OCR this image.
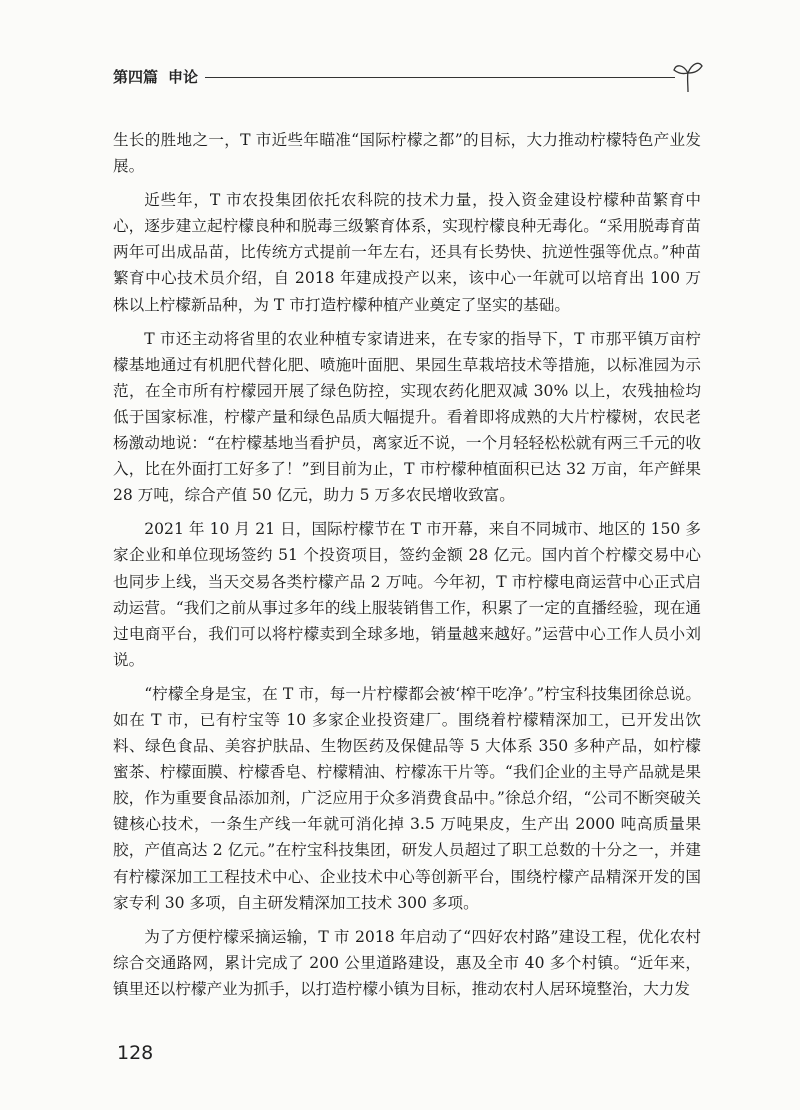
第四篇 申论

生长的胜地之一，T 市近些年瞄准“国际柠檬之都”的目标，大力推动柠檬特色产业发展。

近些年，T 市农投集团依托农科院的技术力量，投入资金建设柠檬种苗繁育中心，逐步建立起柠檬良种和脱毒三级繁育体系，实现柠檬良种无毒化。“采用脱毒育苗两年可出成品苗，比传统方式提前一年左右，还具有长势快、抗逆性强等优点。”种苗繁育中心技术员介绍，自 2018 年建成投产以来，该中心一年就可以培育出 100 万株以上柠檬新品种，为 T 市打造柠檬种植产业奠定了坚实的基础。

T 市还主动将省里的农业种植专家请进来，在专家的指导下，T 市那平镇万亩柠檬基地通过有机肥代替化肥、喷施叶面肥、果园生草栽培技术等措施，以标准园为示范，在全市所有柠檬园开展了绿色防控，实现农药化肥双减 30% 以上，农残抽检均低于国家标准，柠檬产量和绿色品质大幅提升。看着即将成熟的大片柠檬树，农民老杨激动地说：“在柠檬基地当看护员，离家近不说，一个月轻轻松松就有两三千元的收入，比在外面打工好多了！”到目前为止，T 市柠檬种植面积已达 32 万亩，年产鲜果 28 万吨，综合产值 50 亿元，助力 5 万多农民增收致富。

2021 年 10 月 21 日，国际柠檬节在 T 市开幕，来自不同城市、地区的 150 多家企业和单位现场签约 51 个投资项目，签约金额 28 亿元。国内首个柠檬交易中心也同步上线，当天交易各类柠檬产品 2 万吨。今年初，T 市柠檬电商运营中心正式启动运营。“我们之前从事过多年的线上服装销售工作，积累了一定的直播经验，现在通过电商平台，我们可以将柠檬卖到全球多地，销量越来越好。”运营中心工作人员小刘说。

“柠檬全身是宝，在 T 市，每一片柠檬都会被‘榨干吃净’。”柠宝科技集团徐总说。如在 T 市，已有柠宝等 10 多家企业投资建厂。围绕着柠檬精深加工，已开发出饮料、绿色食品、美容护肤品、生物医药及保健品等 5 大体系 350 多种产品，如柠檬蜜茶、柠檬面膜、柠檬香皂、柠檬精油、柠檬冻干片等。“我们企业的主导产品就是果胶，作为重要食品添加剂，广泛应用于众多消费食品中。”徐总介绍，“公司不断突破关键核心技术，一条生产线一年就可消化掉 3.5 万吨果皮，生产出 2000 吨高质量果胶，产值高达 2 亿元。”在柠宝科技集团，研发人员超过了职工总数的十分之一，并建有柠檬深加工工程技术中心、企业技术中心等创新平台，围绕柠檬产品精深开发的国家专利 30 多项，自主研发精深加工技术 300 多项。

为了方便柠檬采摘运输，T 市 2018 年启动了“四好农村路”建设工程，优化农村综合交通路网，累计完成了 200 公里道路建设，惠及全市 40 多个村镇。“近年来，镇里还以柠檬产业为抓手，以打造柠檬小镇为目标，推动农村人居环境整治，大力发

128
